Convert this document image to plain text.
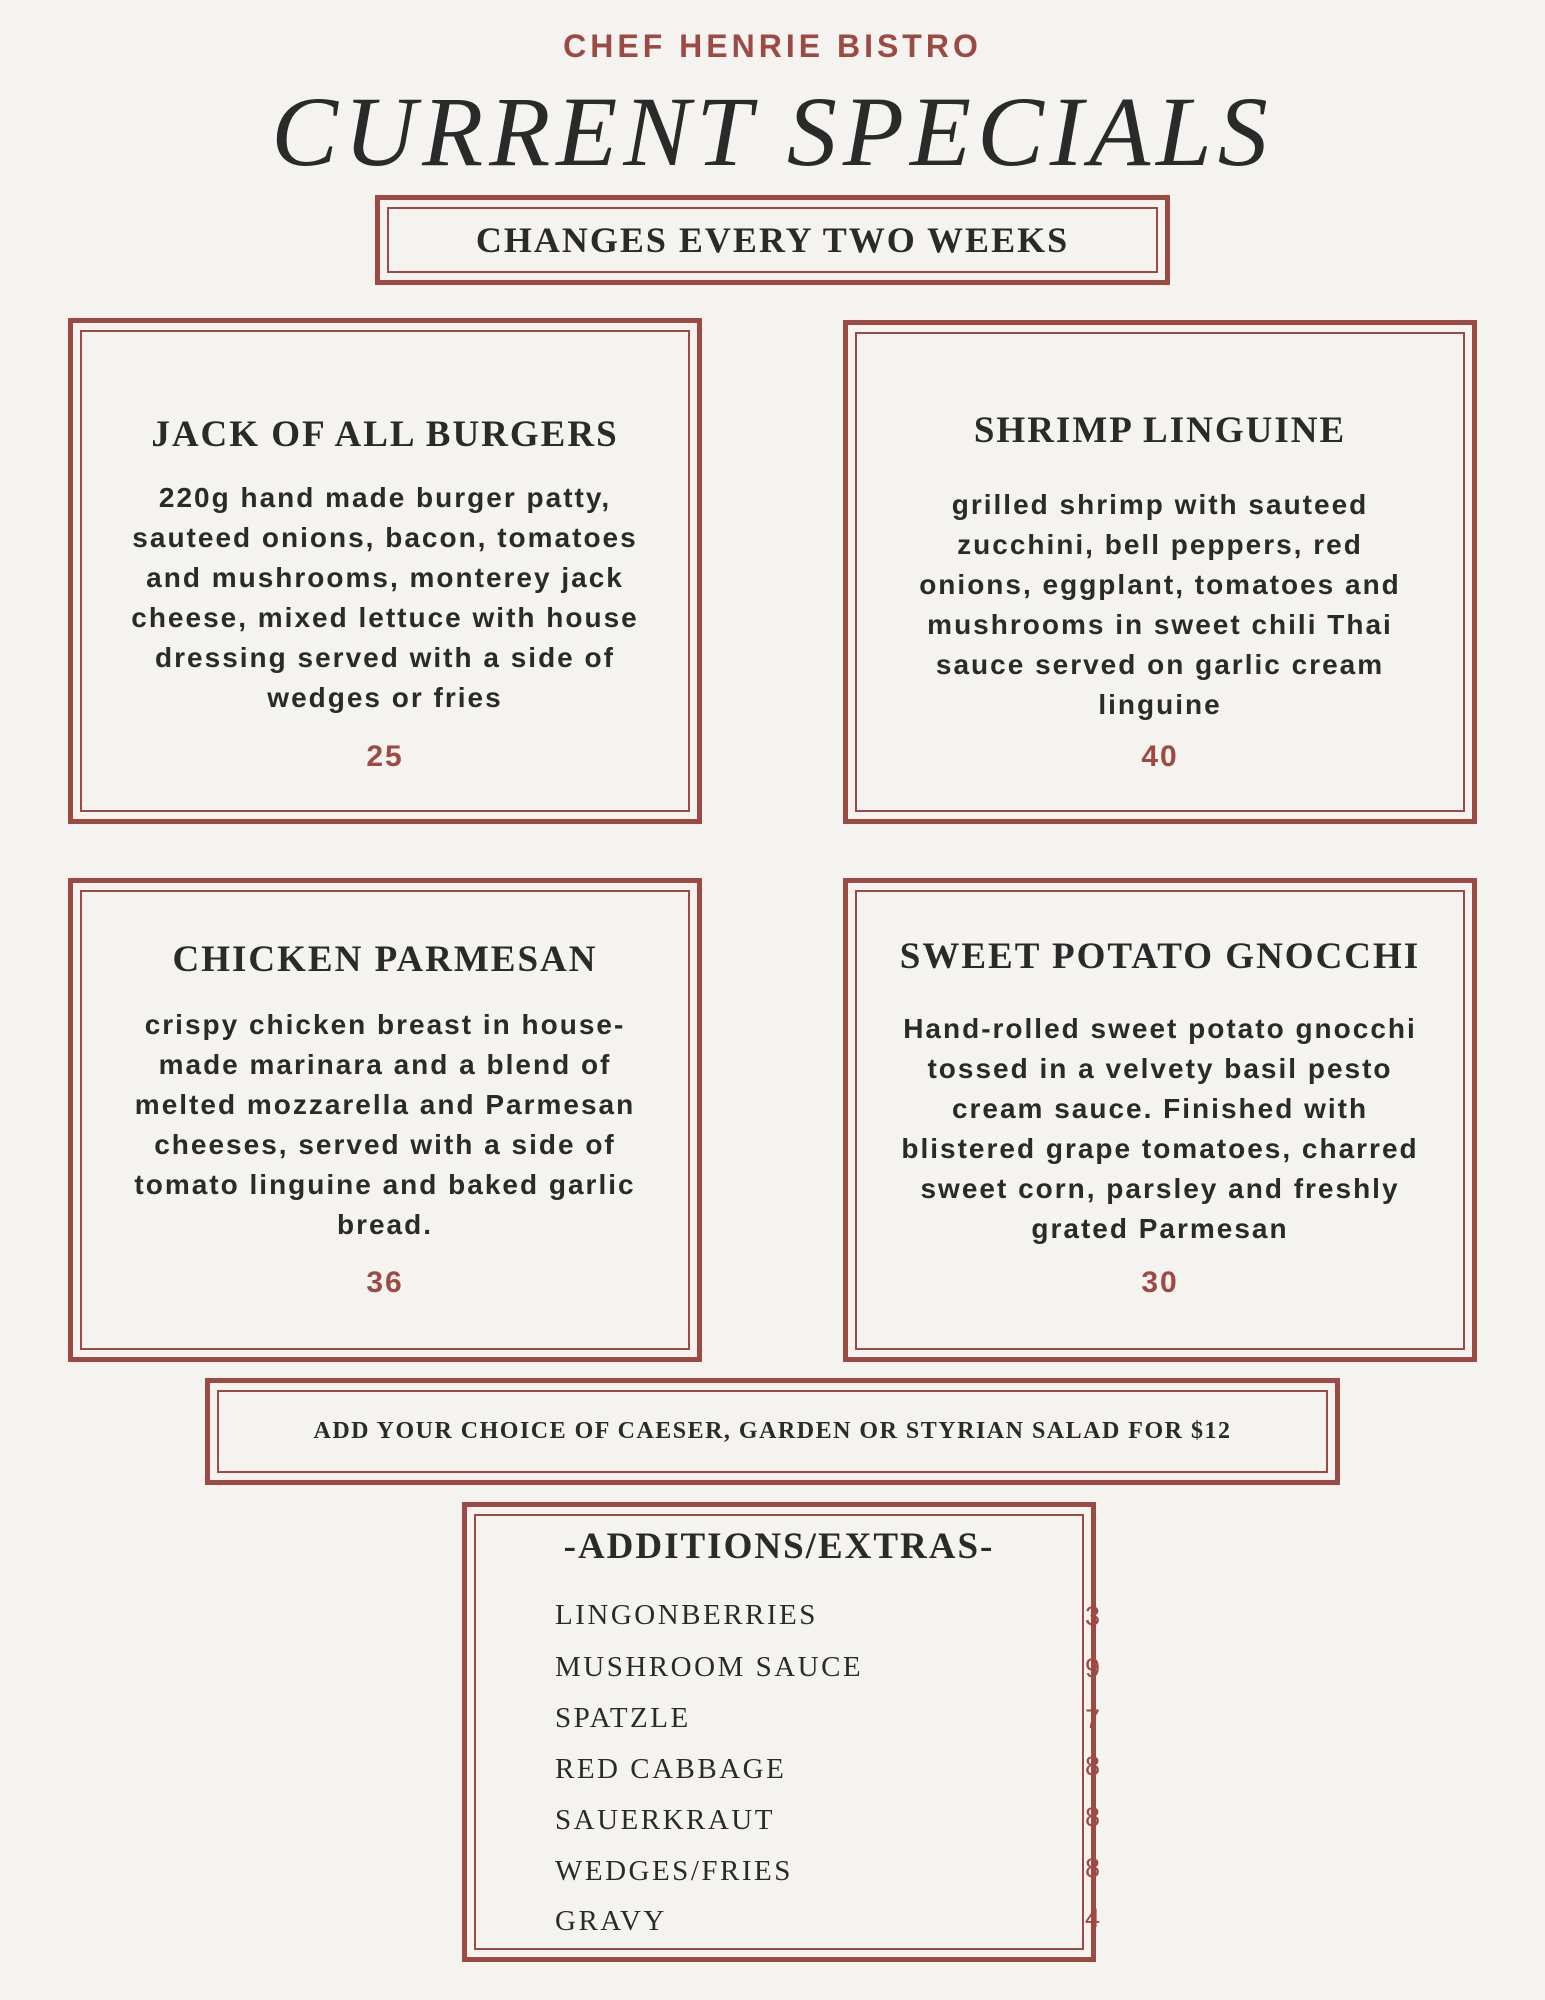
CHEF HENRIE BISTRO
CURRENT SPECIALS
CHANGES EVERY TWO WEEKS
JACK OF ALL BURGERS
220g hand made burger patty,
sauteed onions, bacon, tomatoes
and mushrooms, monterey jack
cheese, mixed lettuce with house
dressing served with a side of
wedges or fries
25
SHRIMP LINGUINE
grilled shrimp with sauteed
zucchini, bell peppers, red
onions, eggplant, tomatoes and
mushrooms in sweet chili Thai
sauce served on garlic cream
linguine
40
CHICKEN PARMESAN
crispy chicken breast in house-
made marinara and a blend of
melted mozzarella and Parmesan
cheeses, served with a side of
tomato linguine and baked garlic
bread.
36
SWEET POTATO GNOCCHI
Hand-rolled sweet potato gnocchi
tossed in a velvety basil pesto
cream sauce. Finished with
blistered grape tomatoes, charred
sweet corn, parsley and freshly
grated Parmesan
30
ADD YOUR CHOICE OF CAESER, GARDEN OR STYRIAN SALAD FOR $12
-ADDITIONS/EXTRAS-
LINGONBERRIES	3
MUSHROOM SAUCE	9
SPATZLE	7
RED CABBAGE	8
SAUERKRAUT	8
WEDGES/FRIES	8
GRAVY	4
